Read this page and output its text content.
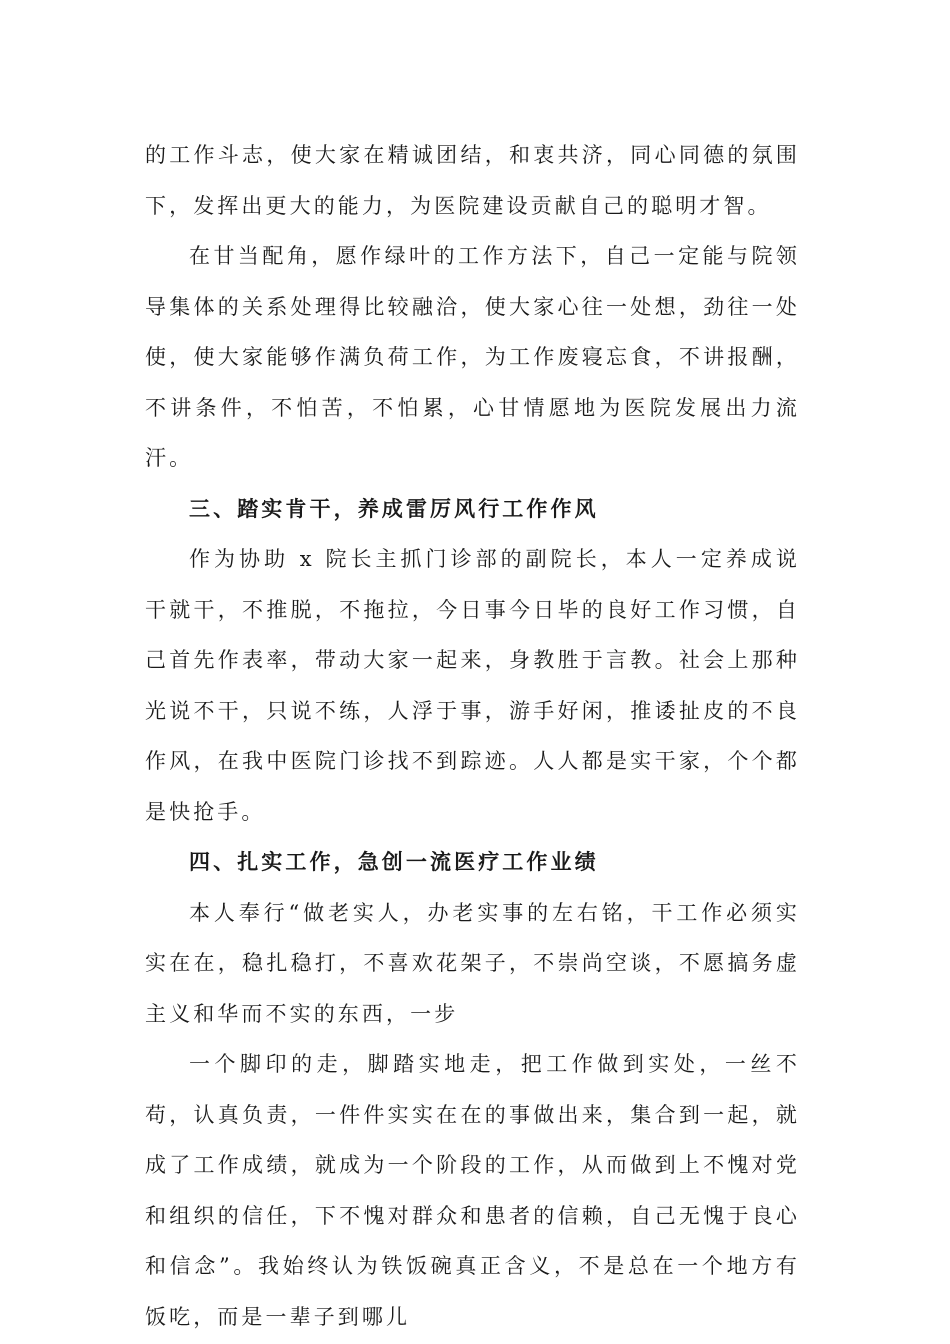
的工作斗志，使大家在精诚团结，和衷共济，同心同德的氛围下，发挥出更大的能力，为医院建设贡献自己的聪明才智。

在甘当配角，愿作绿叶的工作方法下，自己一定能与院领导集体的关系处理得比较融洽，使大家心往一处想，劲往一处使，使大家能够作满负荷工作，为工作废寝忘食，不讲报酬，不讲条件，不怕苦，不怕累，心甘情愿地为医院发展出力流汗。

三、踏实肯干，养成雷厉风行工作作风

作为协助 x 院长主抓门诊部的副院长，本人一定养成说干就干，不推脱，不拖拉，今日事今日毕的良好工作习惯，自己首先作表率，带动大家一起来，身教胜于言教。社会上那种光说不干，只说不练，人浮于事，游手好闲，推诿扯皮的不良作风，在我中医院门诊找不到踪迹。人人都是实干家，个个都是快抢手。

四、扎实工作，急创一流医疗工作业绩

本人奉行“做老实人，办老实事的左右铭，干工作必须实实在在，稳扎稳打，不喜欢花架子，不崇尚空谈，不愿搞务虚主义和华而不实的东西，一步

一个脚印的走，脚踏实地走，把工作做到实处，一丝不苟，认真负责，一件件实实在在的事做出来，集合到一起，就成了工作成绩，就成为一个阶段的工作，从而做到上不愧对党和组织的信任，下不愧对群众和患者的信赖，自己无愧于良心和信念”。我始终认为铁饭碗真正含义，不是总在一个地方有饭吃，而是一辈子到哪儿
